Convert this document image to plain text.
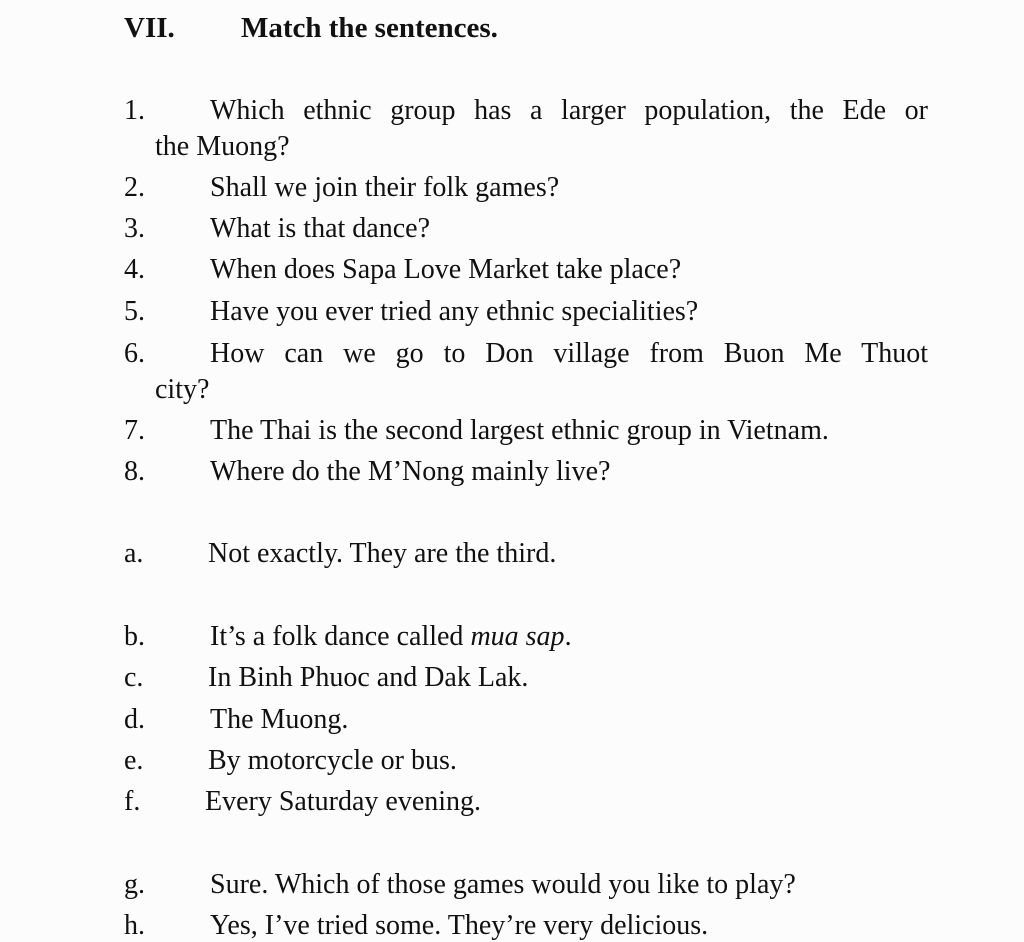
VII. Match the sentences.
1. Which ethnic group has a larger population, the Ede or
the Muong?
2. Shall we join their folk games?
3. What is that dance?
4. When does Sapa Love Market take place?
5. Have you ever tried any ethnic specialities?
6. How can we go to Don village from Buon Me Thuot
city?
7. The Thai is the second largest ethnic group in Vietnam.
8. Where do the M’Nong mainly live?
a. Not exactly. They are the third.
b. It’s a folk dance called mua sap.
c. In Binh Phuoc and Dak Lak.
d. The Muong.
e. By motorcycle or bus.
f. Every Saturday evening.
g. Sure. Which of those games would you like to play?
h. Yes, I’ve tried some. They’re very delicious.
